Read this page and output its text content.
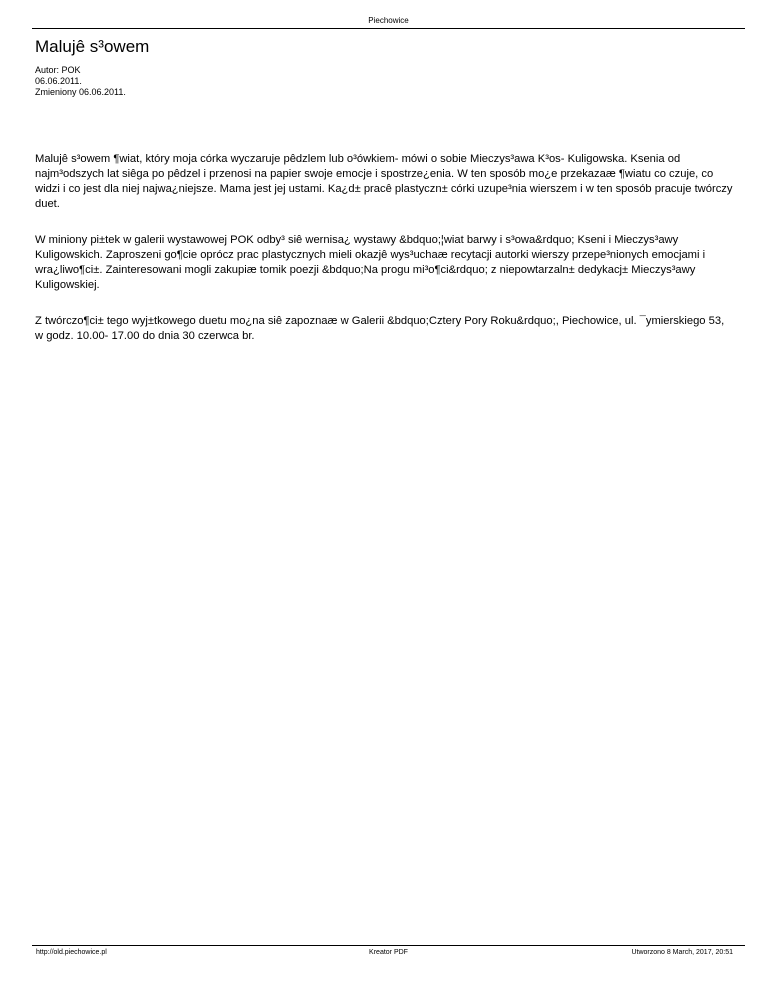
Piechowice
Malujê s³owem
Autor: POK
06.06.2011.
Zmieniony 06.06.2011.

Malujê s³owem ¶wiat, który moja córka wyczaruje pêdzlem lub o³ówkiem- mówi o sobie Mieczys³awa K³os- Kuligowska. Ksenia od najm³odszych lat siêga po pêdzel i przenosi na papier swoje emocje i spostrze¿enia. W ten sposób mo¿e przekazaæ ¶wiatu co czuje, co widzi i co jest dla niej najwa¿niejsze. Mama jest jej ustami. Ka¿d± pracê plastyczn± córki uzupe³nia wierszem i w ten sposób pracuje twórczy duet.

W miniony pi±tek w galerii wystawowej POK odby³ siê wernisa¿ wystawy &bdquo;¦wiat barwy i s³owa&rdquo; Kseni i Mieczys³awy Kuligowskich. Zaproszeni go¶cie oprócz prac plastycznych mieli okazjê wys³uchaæ recytacji autorki wierszy przepe³nionych emocjami i wra¿liwo¶ci±. Zainteresowani mogli zakupiæ tomik poezji &bdquo;Na progu mi³o¶ci&rdquo; z niepowtarzaln± dedykacj± Mieczys³awy Kuligowskiej.

Z twórczo¶ci± tego wyj±tkowego duetu mo¿na siê zapoznaæ w Galerii &bdquo;Cztery Pory Roku&rdquo;, Piechowice, ul. ¯ymierskiego 53, w godz. 10.00- 17.00 do dnia 30 czerwca br.

http://old.piechowice.pl	Kreator PDF	Utworzono 8 March, 2017, 20:51
